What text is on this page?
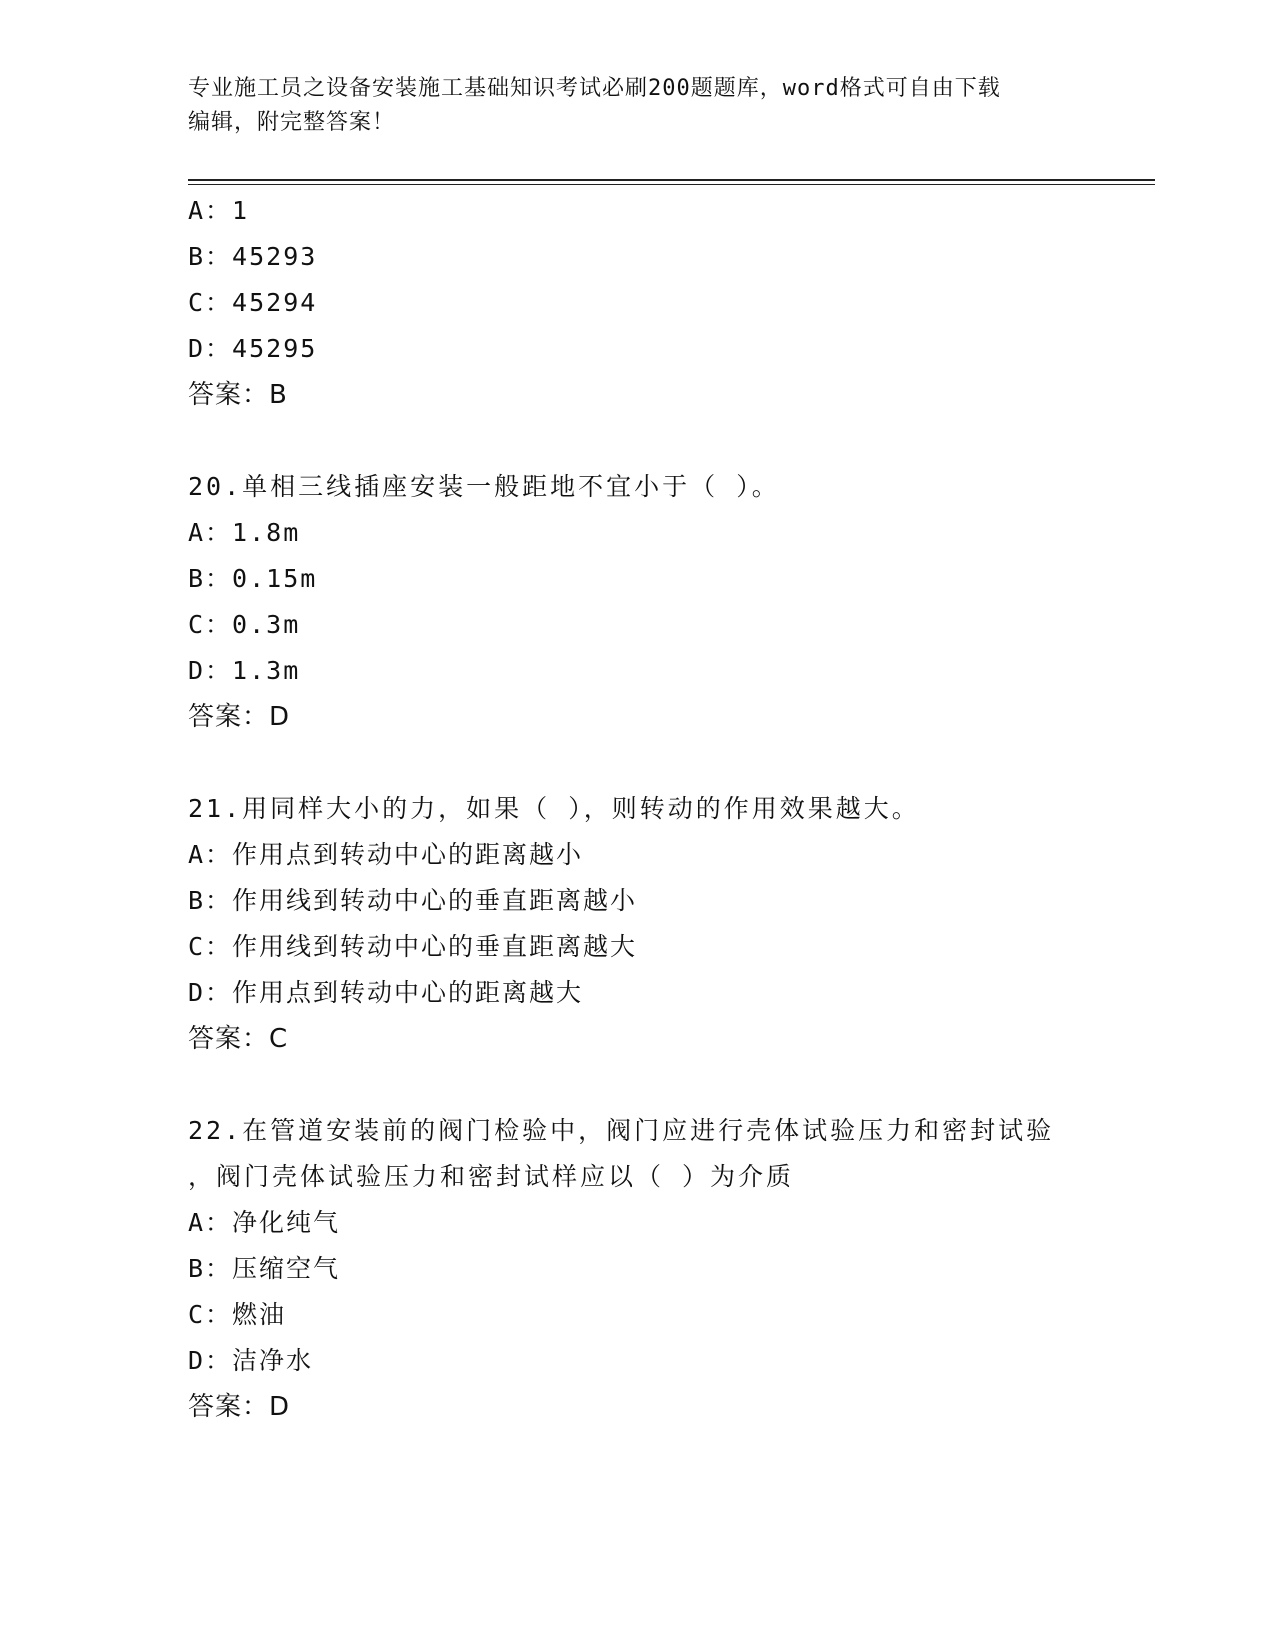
专业施工员之设备安装施工基础知识考试必刷200题题库，word格式可自由下载
编辑，附完整答案！
A：1
B：45293
C：45294
D：45295
答案：B
20.单相三线插座安装一般距地不宜小于（ ）。
A：1.8m
B：0.15m
C：0.3m
D：1.3m
答案：D
21.用同样大小的力，如果（ ），则转动的作用效果越大。
A：作用点到转动中心的距离越小
B：作用线到转动中心的垂直距离越小
C：作用线到转动中心的垂直距离越大
D：作用点到转动中心的距离越大
答案：C
22.在管道安装前的阀门检验中，阀门应进行壳体试验压力和密封试验
，阀门壳体试验压力和密封试样应以（ ）为介质
A：净化纯气
B：压缩空气
C：燃油
D：洁净水
答案：D
